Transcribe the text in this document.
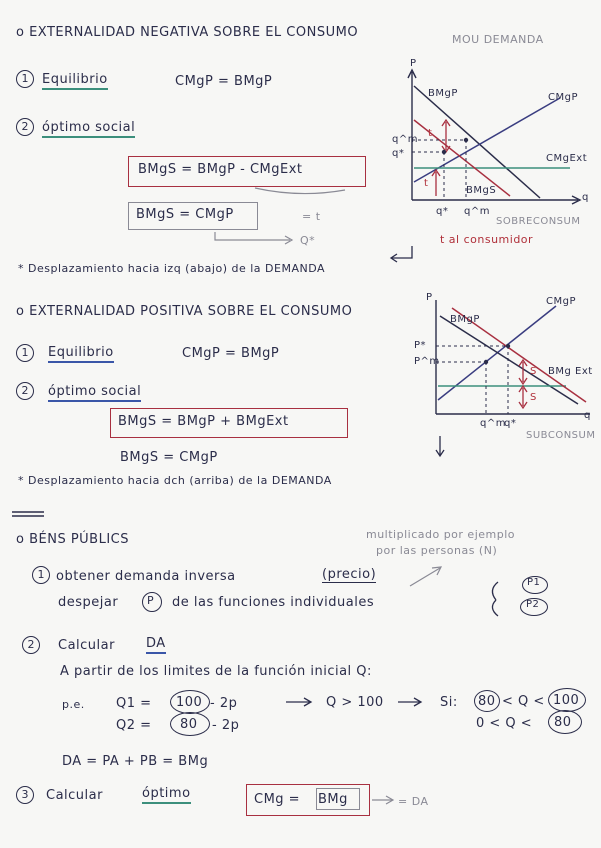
o EXTERNALIDAD NEGATIVA SOBRE EL CONSUMO	MOU DEMANDA
1	Equilibrio	CMgP = BMgP
2	óptimo social
BMgS = BMgP - CMgExt
BMgS = CMgP	= t
Q*
* Desplazamiento hacia izq (abajo) de la DEMANDA
P
BMgP	CMgP
CMgExt
q^m
q*
t
t
BMgS
q
q* q^m
SOBRECONSUM
t al consumidor
o EXTERNALIDAD POSITIVA SOBRE EL CONSUMO
1	Equilibrio	CMgP = BMgP
2	óptimo social
BMgS = BMgP + BMgExt
BMgS = CMgP
* Desplazamiento hacia dch (arriba) de la DEMANDA
P	CMgP
BMgP
P*
P^m
S
S
BMg Ext
q^m
q*
q
SUBCONSUM
o BÉNS PÚBLICS	multiplicado por ejemplo
por las personas (N)
1 obtener demanda inversa	(precio)
despejar	P de las funciones individuales
P1
P2
2	Calcular DA
A partir de los limites de la función inicial Q:
p.e. Q1 = 100 - 2p
Q2 = 80 - 2p
Q > 100	Si: 80 < Q < 100
0 < Q < 80
DA = PA + PB = BMg
3	Calcular	óptimo	CMg = BMg	= DA
